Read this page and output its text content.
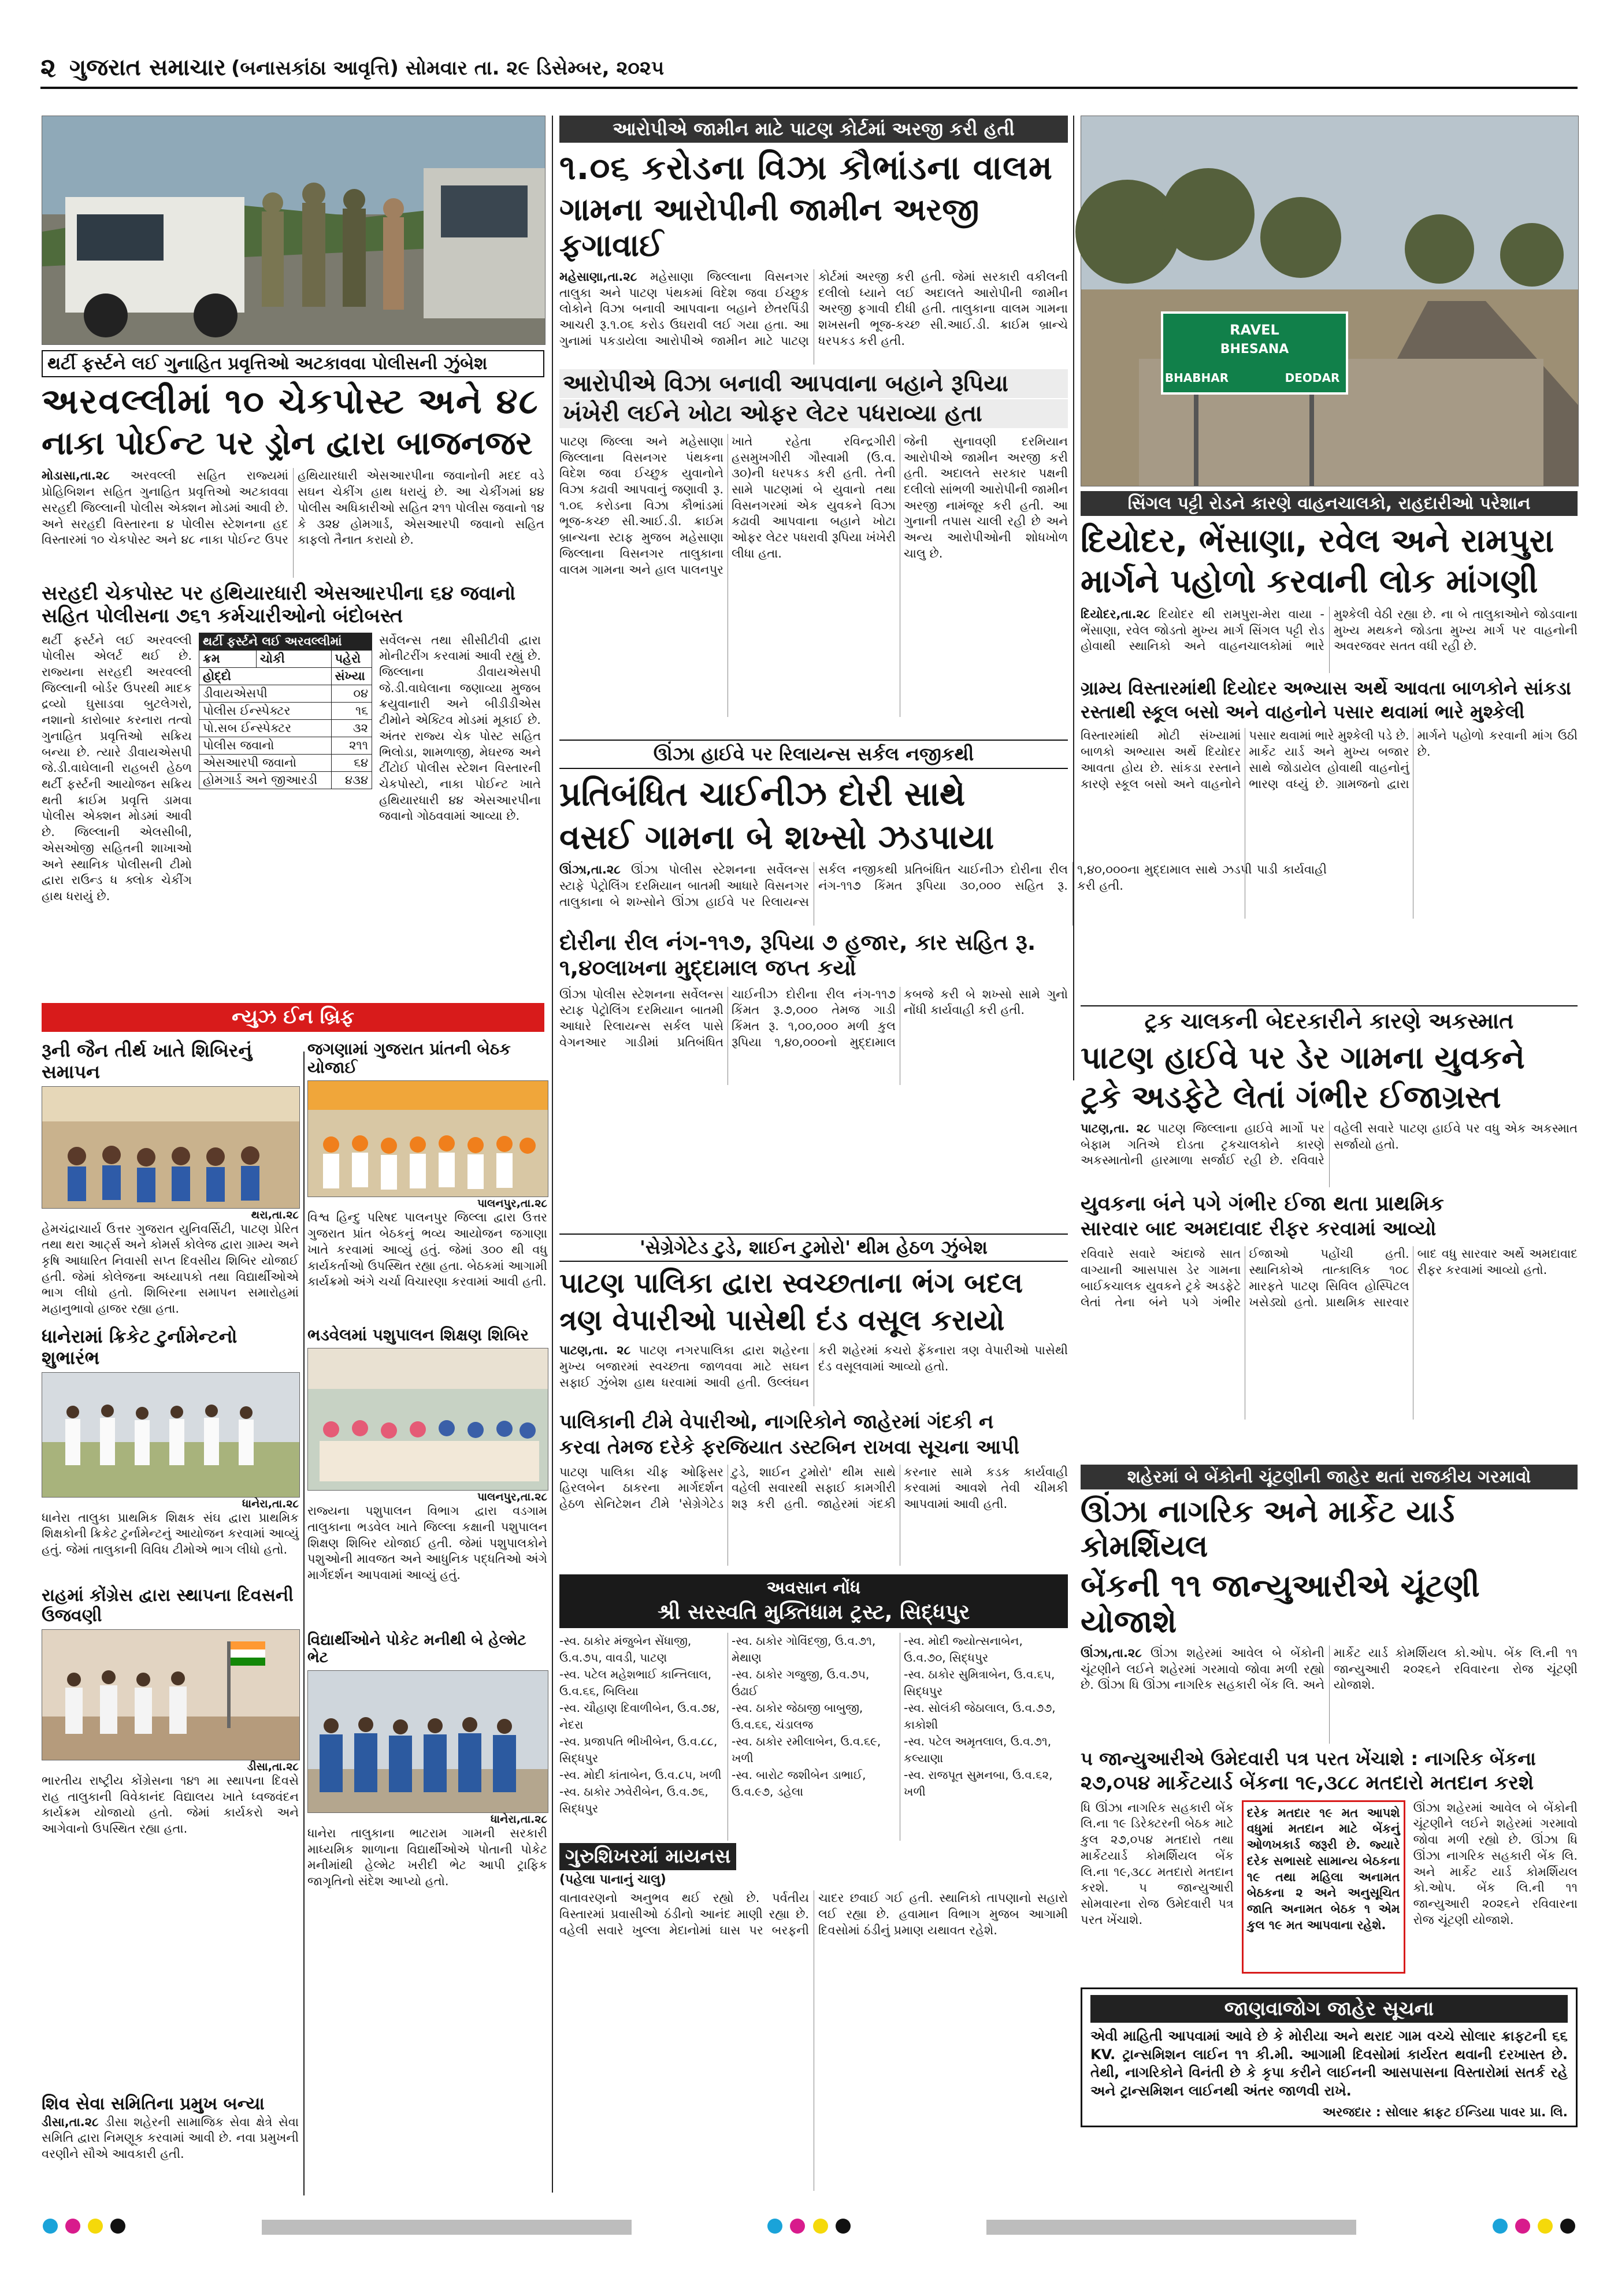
૨ ગુજરાત સમાચાર (બનાસકાંઠા આવૃત્તિ) સોમવાર તા. ૨૯ ડિસેમ્બર, ૨૦૨૫
થર્ટી ફર્સ્ટને લઈ ગુનાહિત પ્રવૃત્તિઓ અટકાવવા પોલીસની ઝુંબેશ
અરવલ્લીમાં ૧૦ ચેકપોસ્ટ અને ૪૮
નાકા પોઈન્ટ પર ડ્રોન દ્વારા બાજનજર

મોડાસા,તા.૨૮ અરવલ્લી સહિત રાજ્યમાં પ્રોહિબિશન સહિત ગુનાહિત પ્રવૃત્તિઓ અટકાવવા સરહદી જિલ્લાની પોલીસ એક્શન મોડમાં આવી છે. અને સરહદી વિસ્તારના ૪ પોલીસ સ્ટેશનના હદ વિસ્તારમાં ૧૦ ચેકપોસ્ટ અને ૪૮ નાકા પોઈન્ટ ઉપર હથિયારધારી એસઆરપીના જવાનોની મદદ વડે સઘન ચેકીંગ હાથ ધરાયું છે. આ ચેકીંગમાં ૪૪ પોલીસ અધિકારીઓ સહિત ૨૧૧ પોલીસ જવાનો ૧૪ કે ૩૨૪ હોમગાર્ડ, એસઆરપી જવાનો સહિત કાફલો તૈનાત કરાયો છે.

સરહદી ચેકપોસ્ટ પર હથિયારધારી એસઆરપીના ૬૪ જવાનો સહિત પોલીસના ૭૬૧ કર્મચારીઓનો બંદોબસ્ત

થર્ટી ફર્સ્ટને લઈ અરવલ્લી પોલીસ એલર્ટ થઈ છે. રાજ્યના સરહદી અરવલ્લી જિલ્લાની બોર્ડર ઉપરથી માદક દ્રવ્યો ઘુસાડવા બુટલેગરો, નશાનો કારોબાર કરનારા તત્વો ગુનાહિત પ્રવૃત્તિઓ સક્રિય બન્યા છે. ત્યારે ડીવાયએસપી જે.ડી.વાઘેલાની રાહબરી હેઠળ થર્ટી ફર્સ્ટની આયોજન સક્રિય થતી ક્રાઈમ પ્રવૃત્તિ ડામવા પોલીસ એક્શન મોડમાં આવી છે. જિલ્લાની એલસીબી, એસઓજી સહિતની શાખાઓ અને સ્થાનિક પોલીસની ટીમો દ્વારા રાઉન્ડ ધ ક્લોક ચેકીંગ હાથ ધરાયું છે.

થર્ટી ફર્સ્ટને લઈ અરવલ્લીમાં		
ક્રમ	ચોકી	પહેરો
હોદ્દો		સંખ્યા
ડીવાયએસપી		૦૪
પોલીસ ઈન્સ્પેક્ટર		૧૬
પો.સબ ઈન્સ્પેક્ટર		૩૨
પોલીસ જવાનો		૨૧૧
એસઆરપી જવાનો		૬૪
હોમગાર્ડ અને જીઆરડી		૪૩૪

સર્વેલન્સ તથા સીસીટીવી દ્વારા મોનીટરીંગ કરવામાં આવી રહ્યું છે. જિલ્લાના ડીવાયએસપી જે.ડી.વાઘેલાના જણાવ્યા મુજબ ક્રયુવાનારી અને બીડીડીએસ ટીમોને એક્ટિવ મોડમાં મૂકાઈ છે. અંતર રાજ્ય ચેક પોસ્ટ સહિત ભિલોડા, શામળાજી, મેઘરજ અને ટીંટોઈ પોલીસ સ્ટેશન વિસ્તારની ચેકપોસ્ટો, નાકા પોઈન્ટ ખાતે હથિયારધારી ૪૪ એસઆરપીના જવાનો ગોઠવવામાં આવ્યા છે.

ન્યુઝ ઈન બ્રિફ
રૂની જૈન તીર્થ ખાતે શિબિરનું સમાપન
થરા,તા.૨૮

હેમચંદ્રાચાર્ય ઉત્તર ગુજરાત યુનિવર્સિટી, પાટણ પ્રેરિત તથા થરા આર્ટ્સ અને કોમર્સ કોલેજ દ્વારા ગ્રામ્ય અને કૃષિ આધારિત નિવાસી સપ્ત દિવસીય શિબિર યોજાઈ હતી. જેમાં કોલેજના અધ્યાપકો તથા વિદ્યાર્થીઓએ ભાગ લીધો હતો. શિબિરના સમાપન સમારોહમાં મહાનુભાવો હાજર રહ્યા હતા.

ધાનેરામાં ક્રિકેટ ટુર્નામેન્ટનો શુભારંભ
ધાનેરા,તા.૨૮

ધાનેરા તાલુકા પ્રાથમિક શિક્ષક સંઘ દ્વારા પ્રાથમિક શિક્ષકોની ક્રિકેટ ટુર્નામેન્ટનું આયોજન કરવામાં આવ્યું હતું. જેમાં તાલુકાની વિવિધ ટીમોએ ભાગ લીધો હતો.

રાહમાં કોંગ્રેસ દ્વારા સ્થાપના દિવસની ઉજવણી
ડીસા,તા.૨૮

ભારતીય રાષ્ટ્રીય કોંગ્રેસના ૧૪૧ મા સ્થાપના દિવસે રાહ તાલુકાની વિવેકાનંદ વિદ્યાલય ખાતે ધ્વજવંદન કાર્યક્રમ યોજાયો હતો. જેમાં કાર્યકરો અને આગેવાનો ઉપસ્થિત રહ્યા હતા.

શિવ સેવા સમિતિના પ્રમુખ બન્યા

ડીસા,તા.૨૮ ડીસા શહેરની સામાજિક સેવા ક્ષેત્રે સેવા સમિતિ દ્વારા નિમણૂક કરવામાં આવી છે. નવા પ્રમુખની વરણીને સૌએ આવકારી હતી.

જગણામાં ગુજરાત પ્રાંતની બેઠક યોજાઈ
પાલનપુર,તા.૨૮

વિશ્વ હિન્દુ પરિષદ પાલનપુર જિલ્લા દ્વારા ઉત્તર ગુજરાત પ્રાંત બેઠકનું ભવ્ય આયોજન જગાણા ખાતે કરવામાં આવ્યું હતું. જેમાં ૩૦૦ થી વધુ કાર્યકર્તાઓ ઉપસ્થિત રહ્યા હતા. બેઠકમાં આગામી કાર્યક્રમો અંગે ચર્ચા વિચારણા કરવામાં આવી હતી.

ભડવેલમાં પશુપાલન શિક્ષણ શિબિર
પાલનપુર,તા.૨૮

રાજ્યના પશુપાલન વિભાગ દ્વારા વડગામ તાલુકાના ભડવેલ ખાતે જિલ્લા કક્ષાની પશુપાલન શિક્ષણ શિબિર યોજાઈ હતી. જેમાં પશુપાલકોને પશુઓની માવજત અને આધુનિક પદ્ધતિઓ અંગે માર્ગદર્શન આપવામાં આવ્યું હતું.

વિદ્યાર્થીઓને પોકેટ મનીથી બે હેલ્મેટ ભેટ
ધાનેરા,તા.૨૮

ધાનેરા તાલુકાના ભાટરામ ગામની સરકારી માધ્યમિક શાળાના વિદ્યાર્થીઓએ પોતાની પોકેટ મનીમાંથી હેલ્મેટ ખરીદી ભેટ આપી ટ્રાફિક જાગૃતિનો સંદેશ આપ્યો હતો.

આરોપીએ જામીન માટે પાટણ કોર્ટમાં અરજી કરી હતી
૧.૦૬ કરોડના વિઝા કૌભાંડના વાલમ
ગામના આરોપીની જામીન અરજી ફગાવાઈ

મહેસાણા,તા.૨૮ મહેસાણા જિલ્લાના વિસનગર તાલુકા અને પાટણ પંથકમાં વિદેશ જવા ઈચ્છુક લોકોને વિઝા બનાવી આપવાના બહાને છેતરપિંડી આચરી રૂ.૧.૦૬ કરોડ ઉઘરાવી લઈ ગયા હતા. આ ગુનામાં પકડાયેલા આરોપીએ જામીન માટે પાટણ કોર્ટમાં અરજી કરી હતી. જેમાં સરકારી વકીલની દલીલો ધ્યાને લઈ અદાલતે આરોપીની જામીન અરજી ફગાવી દીધી હતી. તાલુકાના વાલમ ગામના શખસની ભૂજ-કચ્છ સી.આઈ.ડી. ક્રાઈમ બ્રાન્ચે ધરપકડ કરી હતી.

આરોપીએ વિઝા બનાવી આપવાના બહાને રૂપિયા
ખંખેરી લઈને ખોટા ઓફર લેટર પધરાવ્યા હતા

પાટણ જિલ્લા અને મહેસાણા જિલ્લાના વિસનગર પંથકના વિદેશ જવા ઈચ્છુક યુવાનોને વિઝા કઢાવી આપવાનું જણાવી રૂ. ૧.૦૬ કરોડના વિઝા કૌભાંડમાં ભૂજ-કચ્છ સી.આઈ.ડી. ક્રાઈમ બ્રાન્ચના સ્ટાફ મુજબ મહેસાણા જિલ્લાના વિસનગર તાલુકાના વાલમ ગામના અને હાલ પાલનપુર ખાતે રહેતા રવિન્દ્રગીરી હસમુખગીરી ગૌસ્વામી (ઉ.વ. ૩૦)ની ધરપકડ કરી હતી. તેની સામે પાટણમાં બે યુવાનો તથા વિસનગરમાં એક યુવકને વિઝા કઢાવી આપવાના બહાને ખોટા ઓફર લેટર પધરાવી રૂપિયા ખંખેરી લીધા હતા.

જેની સુનાવણી દરમિયાન આરોપીએ જામીન અરજી કરી હતી. અદાલતે સરકાર પક્ષની દલીલો સાંભળી આરોપીની જામીન અરજી નામંજૂર કરી હતી. આ ગુનાની તપાસ ચાલી રહી છે અને અન્ય આરોપીઓની શોધખોળ ચાલુ છે.

ઊંઝા હાઈવે પર રિલાયન્સ સર્કલ નજીકથી
પ્રતિબંધિત ચાઈનીઝ દોરી સાથે
વસઈ ગામના બે શખ્સો ઝડપાયા

ઊંઝા,તા.૨૮ ઊંઝા પોલીસ સ્ટેશનના સર્વેલન્સ સ્ટાફે પેટ્રોલિંગ દરમિયાન બાતમી આધારે વિસનગર તાલુકાના બે શખ્સોને ઊંઝા હાઈવે પર રિલાયન્સ સર્કલ નજીકથી પ્રતિબંધિત ચાઈનીઝ દોરીના રીલ નંગ-૧૧૭ કિંમત રૂપિયા ૩૦,૦૦૦ સહિત રૂ. ૧,૪૦,૦૦૦ના મુદ્દામાલ સાથે ઝડપી પાડી કાર્યવાહી કરી હતી.

દોરીના રીલ નંગ-૧૧૭, રૂપિયા ૭ હજાર, કાર સહિત રૂ. ૧,૪૦લાખના મુદ્દામાલ જપ્ત કર્યો

ઊંઝા પોલીસ સ્ટેશનના સર્વેલન્સ સ્ટાફ પેટ્રોલિંગ દરમિયાન બાતમી આધારે રિલાયન્સ સર્કલ પાસે વેગનઆર ગાડીમાં પ્રતિબંધિત ચાઈનીઝ દોરીના રીલ નંગ-૧૧૭ કિંમત રૂ.૭,૦૦૦ તેમજ ગાડી કિંમત રૂ. ૧,૦૦,૦૦૦ મળી કુલ રૂપિયા ૧,૪૦,૦૦૦નો મુદ્દામાલ કબજે કરી બે શખ્સો સામે ગુનો નોંધી કાર્યવાહી કરી હતી.

RAVEL
BHESANA
DEODAR
BHABHAR
સિંગલ પટ્ટી રોડને કારણે વાહનચાલકો, રાહદારીઓ પરેશાન
દિયોદર, ભેંસાણા, રવેલ અને રામપુરા
માર્ગને પહોળો કરવાની લોક માંગણી

દિયોદર,તા.૨૮ દિયોદર થી રામપુરા-મેરા વાયા - ભેંસાણા, રવેલ જોડતો મુખ્ય માર્ગ સિંગલ પટ્ટી રોડ હોવાથી સ્થાનિકો અને વાહનચાલકોમાં ભારે મુશ્કેલી વેઠી રહ્યા છે. ના બે તાલુકાઓને જોડવાના મુખ્ય મથકને જોડતા મુખ્ય માર્ગ પર વાહનોની અવરજવર સતત વધી રહી છે.

ગ્રામ્ય વિસ્તારમાંથી દિયોદર અભ્યાસ અર્થે આવતા બાળકોને સાંકડા
રસ્તાથી સ્કૂલ બસો અને વાહનોને પસાર થવામાં ભારે મુશ્કેલી

વિસ્તારમાંથી મોટી સંખ્યામાં બાળકો અભ્યાસ અર્થે દિયોદર આવતા હોય છે. સાંકડા રસ્તાને કારણે સ્કૂલ બસો અને વાહનોને પસાર થવામાં ભારે મુશ્કેલી પડે છે. માર્કેટ યાર્ડ અને મુખ્ય બજાર સાથે જોડાયેલ હોવાથી વાહનોનું ભારણ વધ્યું છે. ગ્રામજનો દ્વારા માર્ગને પહોળો કરવાની માંગ ઉઠી છે.

ટ્રક ચાલકની બેદરકારીને કારણે અકસ્માત
પાટણ હાઈવે પર ડેર ગામના યુવકને
ટ્રકે અડફેટે લેતાં ગંભીર ઈજાગ્રસ્ત

પાટણ,તા. ૨૮ પાટણ જિલ્લાના હાઈવે માર્ગો પર બેફામ ગતિએ દોડતા ટ્રકચાલકોને કારણે અકસ્માતોની હારમાળા સર્જાઈ રહી છે. રવિવારે વહેલી સવારે પાટણ હાઈવે પર વધુ એક અકસ્માત સર્જાયો હતો.

યુવકના બંને પગે ગંભીર ઈજા થતા પ્રાથમિક
સારવાર બાદ અમદાવાદ રીફર કરવામાં આવ્યો

રવિવારે સવારે અંદાજે સાત વાગ્યાની આસપાસ ડેર ગામના બાઈકચાલક યુવકને ટ્રકે અડફેટે લેતાં તેના બંને પગે ગંભીર ઈજાઓ પહોંચી હતી. સ્થાનિકોએ તાત્કાલિક ૧૦૮ મારફતે પાટણ સિવિલ હોસ્પિટલ ખસેડ્યો હતો. પ્રાથમિક સારવાર બાદ વધુ સારવાર અર્થે અમદાવાદ રીફર કરવામાં આવ્યો હતો.

'સેગ્રેગેટેડ ટુડે, શાઈન ટુમોરો' થીમ હેઠળ ઝુંબેશ
પાટણ પાલિકા દ્વારા સ્વચ્છતાના ભંગ બદલ
ત્રણ વેપારીઓ પાસેથી દંડ વસૂલ કરાયો

પાટણ,તા. ૨૮ પાટણ નગરપાલિકા દ્વારા શહેરના મુખ્ય બજારમાં સ્વચ્છતા જાળવવા માટે સઘન સફાઈ ઝુંબેશ હાથ ધરવામાં આવી હતી. ઉલ્લંઘન કરી શહેરમાં કચરો ફેંકનારા ત્રણ વેપારીઓ પાસેથી દંડ વસૂલવામાં આવ્યો હતો.

પાલિકાની ટીમે વેપારીઓ, નાગરિકોને જાહેરમાં ગંદકી ન
કરવા તેમજ દરેકે ફરજિયાત ડસ્ટબિન રાખવા સૂચના આપી

પાટણ પાલિકા ચીફ ઓફિસર હિરલબેન ઠાકરના માર્ગદર્શન હેઠળ સેનિટેશન ટીમે 'સેગ્રેગેટેડ ટુડે, શાઈન ટુમોરો' થીમ સાથે વહેલી સવારથી સફાઈ કામગીરી શરૂ કરી હતી. જાહેરમાં ગંદકી કરનાર સામે કડક કાર્યવાહી કરવામાં આવશે તેવી ચીમકી આપવામાં આવી હતી.

અવસાન નોંધ
શ્રી સરસ્વતિ મુક્તિધામ ટ્રસ્ટ, સિદ્ધપુર

-સ્વ. ઠાકોર મંજુબેન સેંધાજી, ઉ.વ.૭૫, વાવડી, પાટણ

-સ્વ. પટેલ મહેશભાઈ કાન્તિલાલ, ઉ.વ.૬૬, બિલિયા

-સ્વ. ચૌહાણ દિવાળીબેન, ઉ.વ.૭૪, નેદરા

-સ્વ. પ્રજાપતિ ભીખીબેન, ઉ.વ.૮૮, સિદ્ધપુર

-સ્વ. મોદી કાંતાબેન, ઉ.વ.૮૫, ખળી

-સ્વ. ઠાકોર ઝવેરીબેન, ઉ.વ.૭૬, સિદ્ધપુર

-સ્વ. ઠાકોર ગોવિંદજી, ઉ.વ.૭૧, મેથાણ

-સ્વ. ઠાકોર ગજુજી, ઉ.વ.૭૫, ઉંઢાઈ

-સ્વ. ઠાકોર જેઠાજી બાબુજી, ઉ.વ.૬૬, ચંડાલજ

-સ્વ. ઠાકોર રમીલાબેન, ઉ.વ.૬૯, ખળી

-સ્વ. બારોટ જશીબેન ડાભાઈ, ઉ.વ.૯૭, ડહેલા

-સ્વ. મોદી જ્યોત્સનાબેન, ઉ.વ.૭૦, સિદ્ધપુર

-સ્વ. ઠાકોર સુમિત્રાબેન, ઉ.વ.૬૫, સિદ્ધપુર

-સ્વ. સોલંકી જેઠાલાલ, ઉ.વ.૭૭, કાકોશી

-સ્વ. પટેલ અમૃતલાલ, ઉ.વ.૭૧, કલ્યાણા

-સ્વ. રાજપૂત સુમનબા, ઉ.વ.૬૨, ખળી

ગુરુશિખરમાં માયનસ
(પહેલા પાનાનું ચાલુ)

વાતાવરણનો અનુભવ થઈ રહ્યો છે. પર્વતીય વિસ્તારમાં પ્રવાસીઓ ઠંડીનો આનંદ માણી રહ્યા છે. વહેલી સવારે ખુલ્લા મેદાનોમાં ઘાસ પર બરફની ચાદર છવાઈ ગઈ હતી. સ્થાનિકો તાપણાનો સહારો લઈ રહ્યા છે. હવામાન વિભાગ મુજબ આગામી દિવસોમાં ઠંડીનું પ્રમાણ યથાવત રહેશે.

શહેરમાં બે બેંકોની ચૂંટણીની જાહેર થતાં રાજકીય ગરમાવો
ઊંઝા નાગરિક અને માર્કેટ યાર્ડ કોમર્શિયલ
બેંકની ૧૧ જાન્યુઆરીએ ચૂંટણી યોજાશે

ઊંઝા,તા.૨૮ ઊંઝા શહેરમાં આવેલ બે બેંકોની ચૂંટણીને લઈને શહેરમાં ગરમાવો જોવા મળી રહ્યો છે. ઊંઝા ધિ ઊંઝા નાગરિક સહકારી બેંક લિ. અને માર્કેટ યાર્ડ કોમર્શિયલ કો.ઓપ. બેંક લિ.ની ૧૧ જાન્યુઆરી ૨૦૨૬ને રવિવારના રોજ ચૂંટણી યોજાશે.

૫ જાન્યુઆરીએ ઉમેદવારી પત્ર પરત ખેંચાશે : નાગરિક બેંકના
૨૭,૦૫૪ માર્કેટયાર્ડ બેંકના ૧૯,૩૮૮ મતદારો મતદાન કરશે

ધિ ઊંઝા નાગરિક સહકારી બેંક લિ.ના ૧૯ ડિરેક્ટરની બેઠક માટે કુલ ૨૭,૦૫૪ મતદારો તથા માર્કેટયાર્ડ કોમર્શિયલ બેંક લિ.ના ૧૯,૩૮૮ મતદારો મતદાન કરશે. ૫ જાન્યુઆરી સોમવારના રોજ ઉમેદવારી પત્ર પરત ખેંચાશે.

દરેક મતદાર ૧૯ મત આપશે વધુમાં મતદાન માટે બેંકનું ઓળખકાર્ડ જરૂરી છે. જ્યારે દરેક સભાસદે સામાન્ય બેઠકના ૧૯ તથા મહિલા અનામત બેઠકના ૨ અને અનુસૂચિત જાતિ અનામત બેઠક ૧ એમ કુલ ૧૯ મત આપવાના રહેશે.

ઊંઝા શહેરમાં આવેલ બે બેંકોની ચૂંટણીને લઈને શહેરમાં ગરમાવો જોવા મળી રહ્યો છે. ઊંઝા ધિ ઊંઝા નાગરિક સહકારી બેંક લિ. અને માર્કેટ યાર્ડ કોમર્શિયલ કો.ઓપ. બેંક લિ.ની ૧૧ જાન્યુઆરી ૨૦૨૬ને રવિવારના રોજ ચૂંટણી યોજાશે.

જાણવાજોગ જાહેર સૂચના

એવી માહિતી આપવામાં આવે છે કે મોરીયા અને થરાદ ગામ વચ્ચે સોલાર ક્રાફટની ૬૬ KV. ટ્રાન્સમિશન લાઈન ૧૧ કી.મી. આગામી દિવસોમાં કાર્યરત થવાની દરખાસ્ત છે. તેથી, નાગરિકોને વિનંતી છે કે કૃપા કરીને લાઈનની આસપાસના વિસ્તારોમાં સતર્ક રહે અને ટ્રાન્સમિશન લાઈનથી અંતર જાળવી રાખે.

અરજદાર : સોલાર ક્રાફટ ઈન્ડિયા પાવર પ્રા. લિ.
